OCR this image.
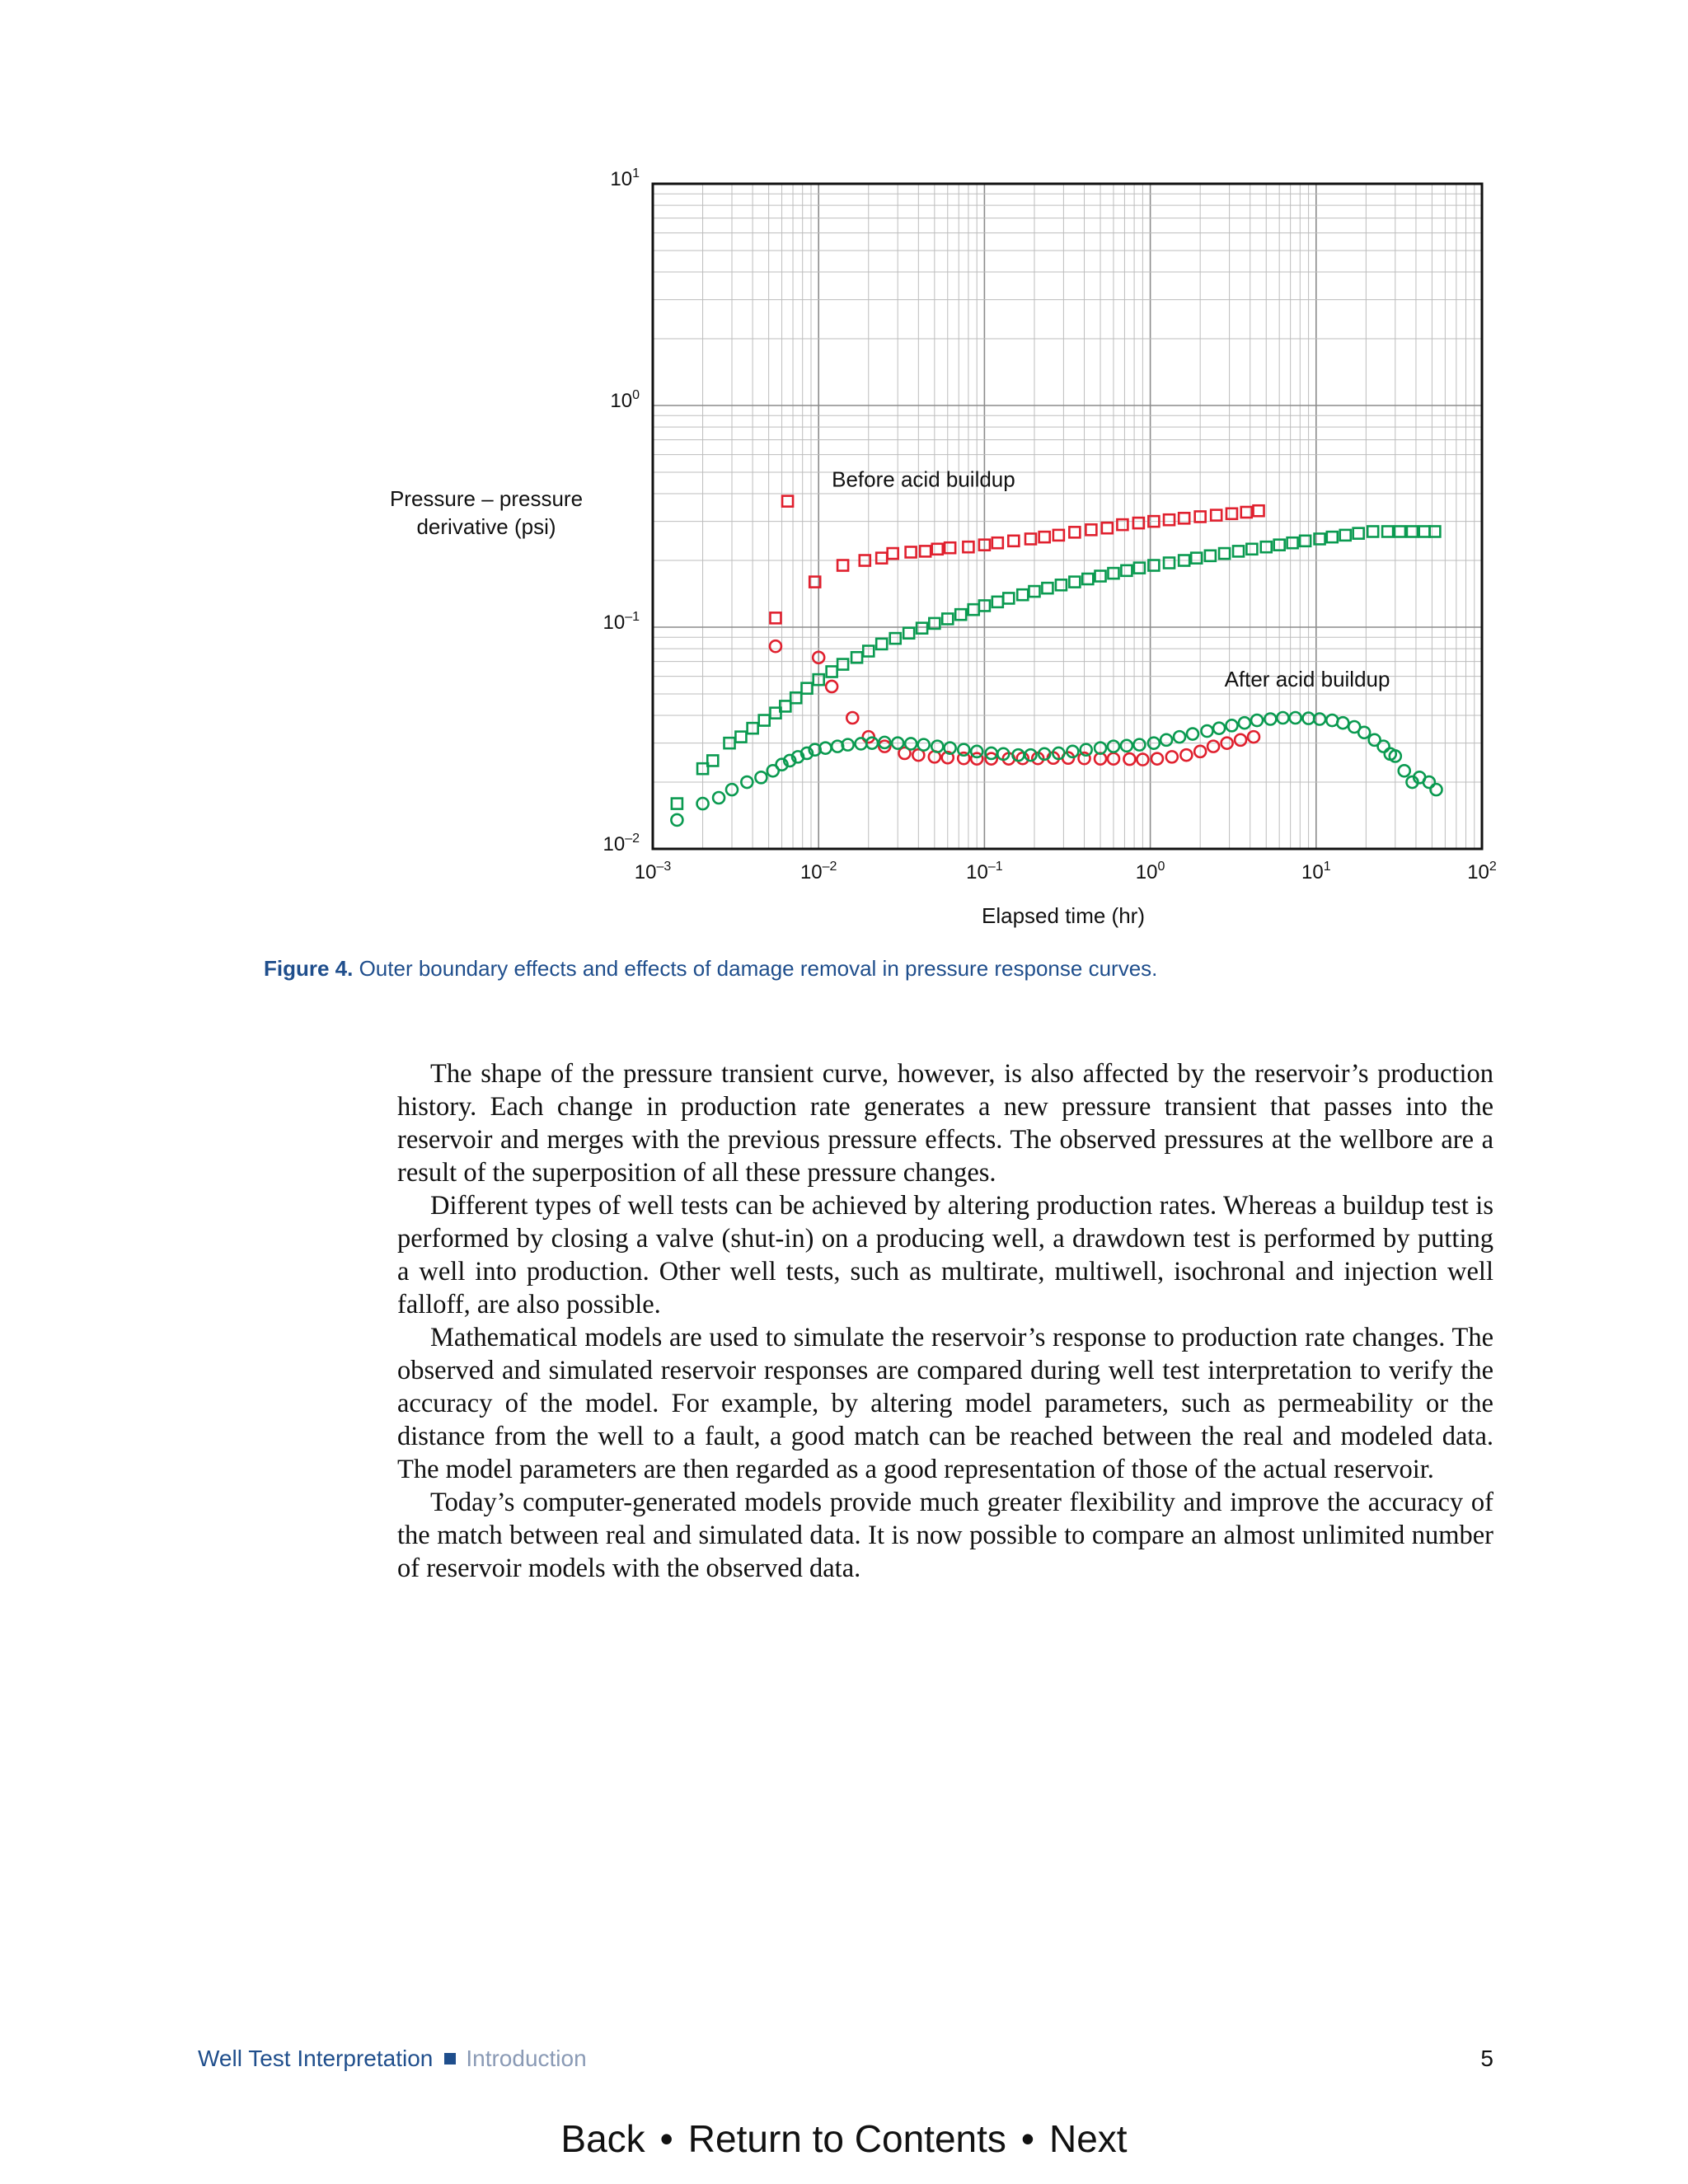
$10^{-3}$	$10^{-2}$	$10^{-1}$	$10^0$	$10^1$	$10^2$
$10^{-2}$
$10^{-1}$
$10^0$
$10^1$
Before acid buildup
After acid buildup
Pressure – pressure
derivative (psi)
Elapsed time (hr)
Figure 4. Outer boundary effects and effects of damage removal in pressure response curves.

The shape of the pressure transient curve, however, is also affected by the reservoir’s production history. Each change in production rate generates a new pressure transient that passes into the reservoir and merges with the previous pressure effects. The observed pressures at the wellbore are a result of the superposition of all these pressure changes.

Different types of well tests can be achieved by altering production rates. Whereas a buildup test is performed by closing a valve (shut-in) on a producing well, a drawdown test is performed by putting a well into production. Other well tests, such as multirate, multiwell, isochronal and injection well falloff, are also possible.

Mathematical models are used to simulate the reservoir’s response to production rate changes. The observed and simulated reservoir responses are compared during well test interpretation to verify the accuracy of the model. For example, by altering model parameters, such as permeability or the distance from the well to a fault, a good match can be reached between the real and modeled data. The model parameters are then regarded as a good representation of those of the actual reservoir.

Today’s computer-generated models provide much greater flexibility and improve the accuracy of the match between real and simulated data. It is now possible to compare an almost unlimited number of reservoir models with the observed data.

Well Test Interpretation Introduction	5
Back • Return to Contents • Next
